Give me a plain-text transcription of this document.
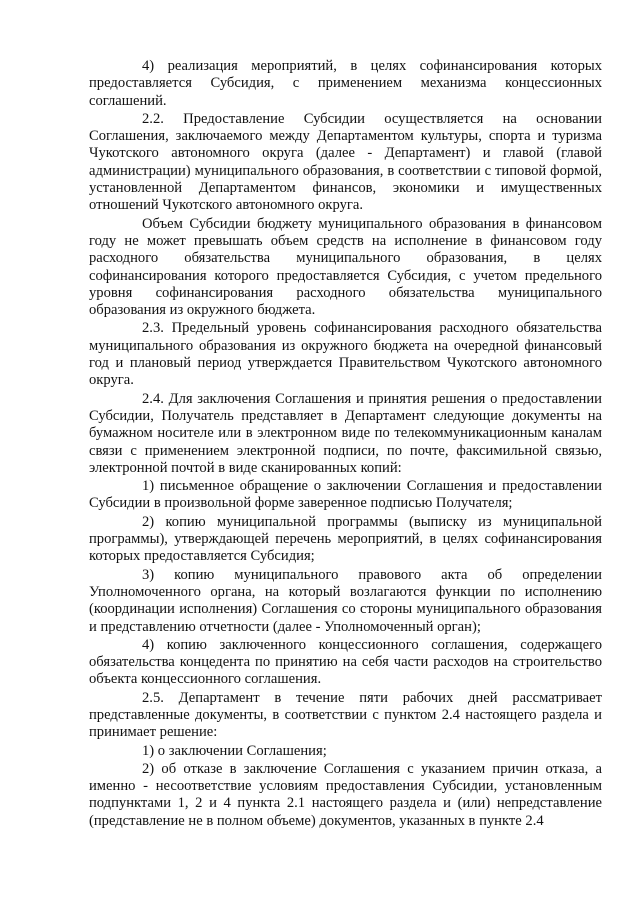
4) реализация мероприятий, в целях софинансирования которых предоставляется Субсидия, с применением механизма концессионных соглашений.

2.2. Предоставление Субсидии осуществляется на основании Соглашения, заключаемого между Департаментом культуры, спорта и туризма Чукотского автономного округа (далее - Департамент) и главой (главой администрации) муниципального образования, в соответствии с типовой формой, установленной Департаментом финансов, экономики и имущественных отношений Чукотского автономного округа.

Объем Субсидии бюджету муниципального образования в финансовом году не может превышать объем средств на исполнение в финансовом году расходного обязательства муниципального образования, в целях софинансирования которого предоставляется Субсидия, с учетом предельного уровня софинансирования расходного обязательства муниципального образования из окружного бюджета.

2.3. Предельный уровень софинансирования расходного обязательства муниципального образования из окружного бюджета на очередной финансовый год и плановый период утверждается Правительством Чукотского автономного округа.

2.4. Для заключения Соглашения и принятия решения о предоставлении Субсидии, Получатель представляет в Департамент следующие документы на бумажном носителе или в электронном виде по телекоммуникационным каналам связи с применением электронной подписи, по почте, факсимильной связью, электронной почтой в виде сканированных копий:

1) письменное обращение о заключении Соглашения и предоставлении Субсидии в произвольной форме заверенное подписью Получателя;

2) копию муниципальной программы (выписку из муниципальной программы), утверждающей перечень мероприятий, в целях софинансирования которых предоставляется Субсидия;

3) копию муниципального правового акта об определении Уполномоченного органа, на который возлагаются функции по исполнению (координации исполнения) Соглашения со стороны муниципального образования и представлению отчетности (далее - Уполномоченный орган);

4) копию заключенного концессионного соглашения, содержащего обязательства концедента по принятию на себя части расходов на строительство объекта концессионного соглашения.

2.5. Департамент в течение пяти рабочих дней рассматривает представленные документы, в соответствии с пунктом 2.4 настоящего раздела и принимает решение:

1) о заключении Соглашения;

2) об отказе в заключение Соглашения с указанием причин отказа, а именно - несоответствие условиям предоставления Субсидии, установленным подпунктами 1, 2 и 4 пункта 2.1 настоящего раздела и (или) непредставление (представление не в полном объеме) документов, указанных в пункте 2.4
